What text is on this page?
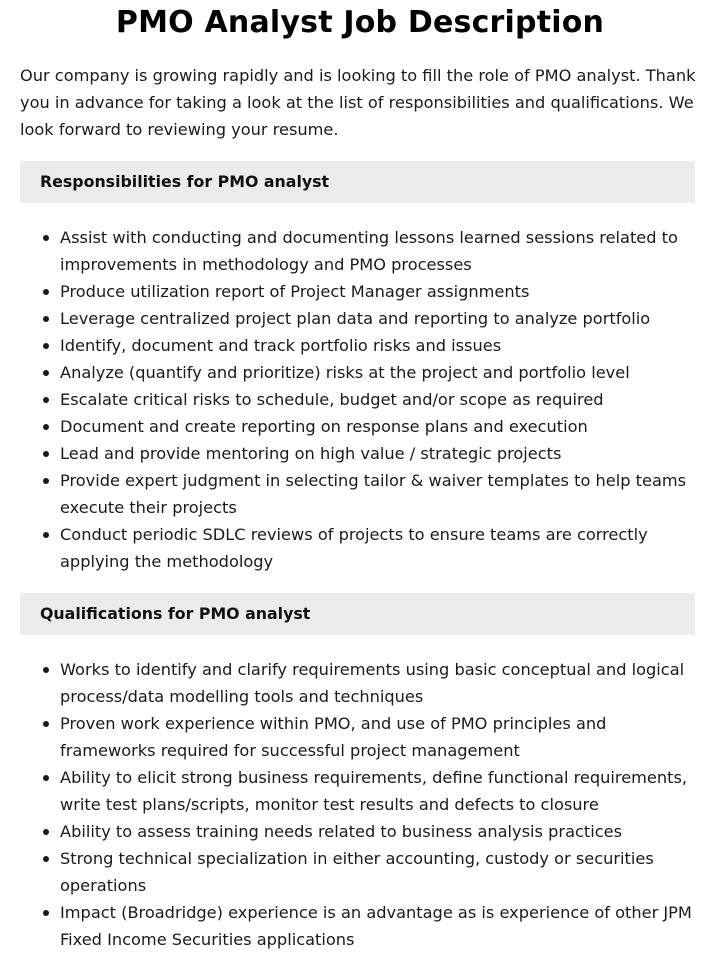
PMO Analyst Job Description

Our company is growing rapidly and is looking to fill the role of PMO analyst. Thank you in advance for taking a look at the list of responsibilities and qualifications. We look forward to reviewing your resume.

Responsibilities for PMO analyst
Assist with conducting and documenting lessons learned sessions related to improvements in methodology and PMO processes
Produce utilization report of Project Manager assignments
Leverage centralized project plan data and reporting to analyze portfolio
Identify, document and track portfolio risks and issues
Analyze (quantify and prioritize) risks at the project and portfolio level
Escalate critical risks to schedule, budget and/or scope as required
Document and create reporting on response plans and execution
Lead and provide mentoring on high value / strategic projects
Provide expert judgment in selecting tailor & waiver templates to help teams execute their projects
Conduct periodic SDLC reviews of projects to ensure teams are correctly applying the methodology
Qualifications for PMO analyst
Works to identify and clarify requirements using basic conceptual and logical process/data modelling tools and techniques
Proven work experience within PMO, and use of PMO principles and frameworks required for successful project management
Ability to elicit strong business requirements, define functional requirements, write test plans/scripts, monitor test results and defects to closure
Ability to assess training needs related to business analysis practices
Strong technical specialization in either accounting, custody or securities operations
Impact (Broadridge) experience is an advantage as is experience of other JPM Fixed Income Securities applications
